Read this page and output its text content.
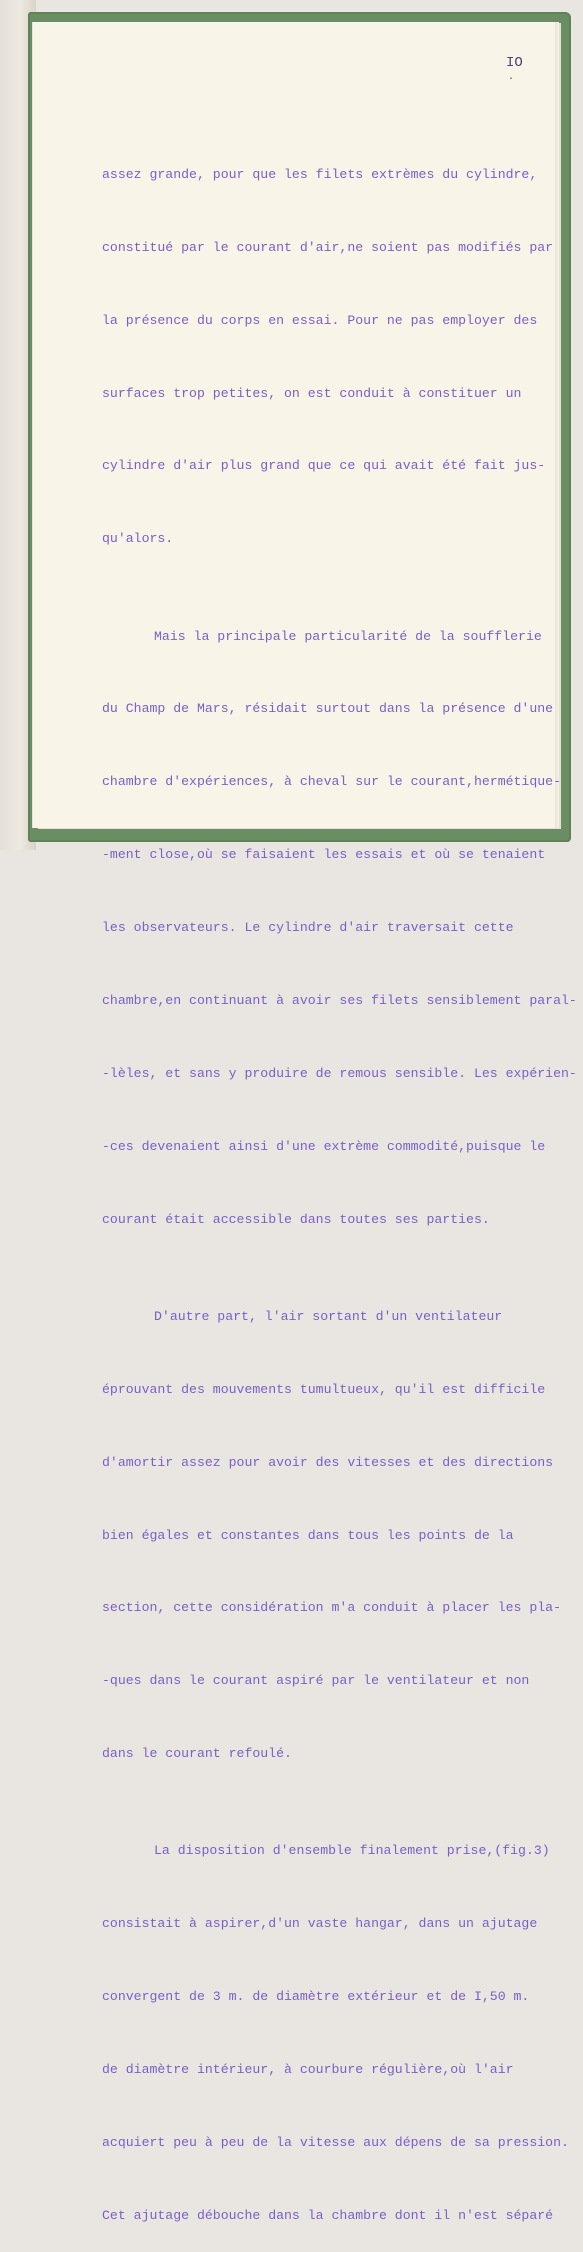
IO
.

assez grande, pour que les filets extrèmes du cylindre,

constitué par le courant d'air,ne soient pas modifiés par

la présence du corps en essai. Pour ne pas employer des

surfaces trop petites, on est conduit à constituer un

cylindre d'air plus grand que ce qui avait été fait jus-

qu'alors.

Mais la principale particularité de la soufflerie

du Champ de Mars, résidait surtout dans la présence d'une

chambre d'expériences, à cheval sur le courant,hermétique-

-ment close,où se faisaient les essais et où se tenaient

les observateurs. Le cylindre d'air traversait cette

chambre,en continuant à avoir ses filets sensiblement paral-

-lèles, et sans y produire de remous sensible. Les expérien-

-ces devenaient ainsi d'une extrème commodité,puisque le

courant était accessible dans toutes ses parties.

D'autre part, l'air sortant d'un ventilateur

éprouvant des mouvements tumultueux, qu'il est difficile

d'amortir assez pour avoir des vitesses et des directions

bien égales et constantes dans tous les points de la

section, cette considération m'a conduit à placer les pla-

-ques dans le courant aspiré par le ventilateur et non

dans le courant refoulé.

La disposition d'ensemble finalement prise,(fig.3)

consistait à aspirer,d'un vaste hangar, dans un ajutage

convergent de 3 m. de diamètre extérieur et de I,50 m.

de diamètre intérieur, à courbure régulière,où l'air

acquiert peu à peu de la vitesse aux dépens de sa pression.

Cet ajutage débouche dans la chambre dont il n'est séparé
